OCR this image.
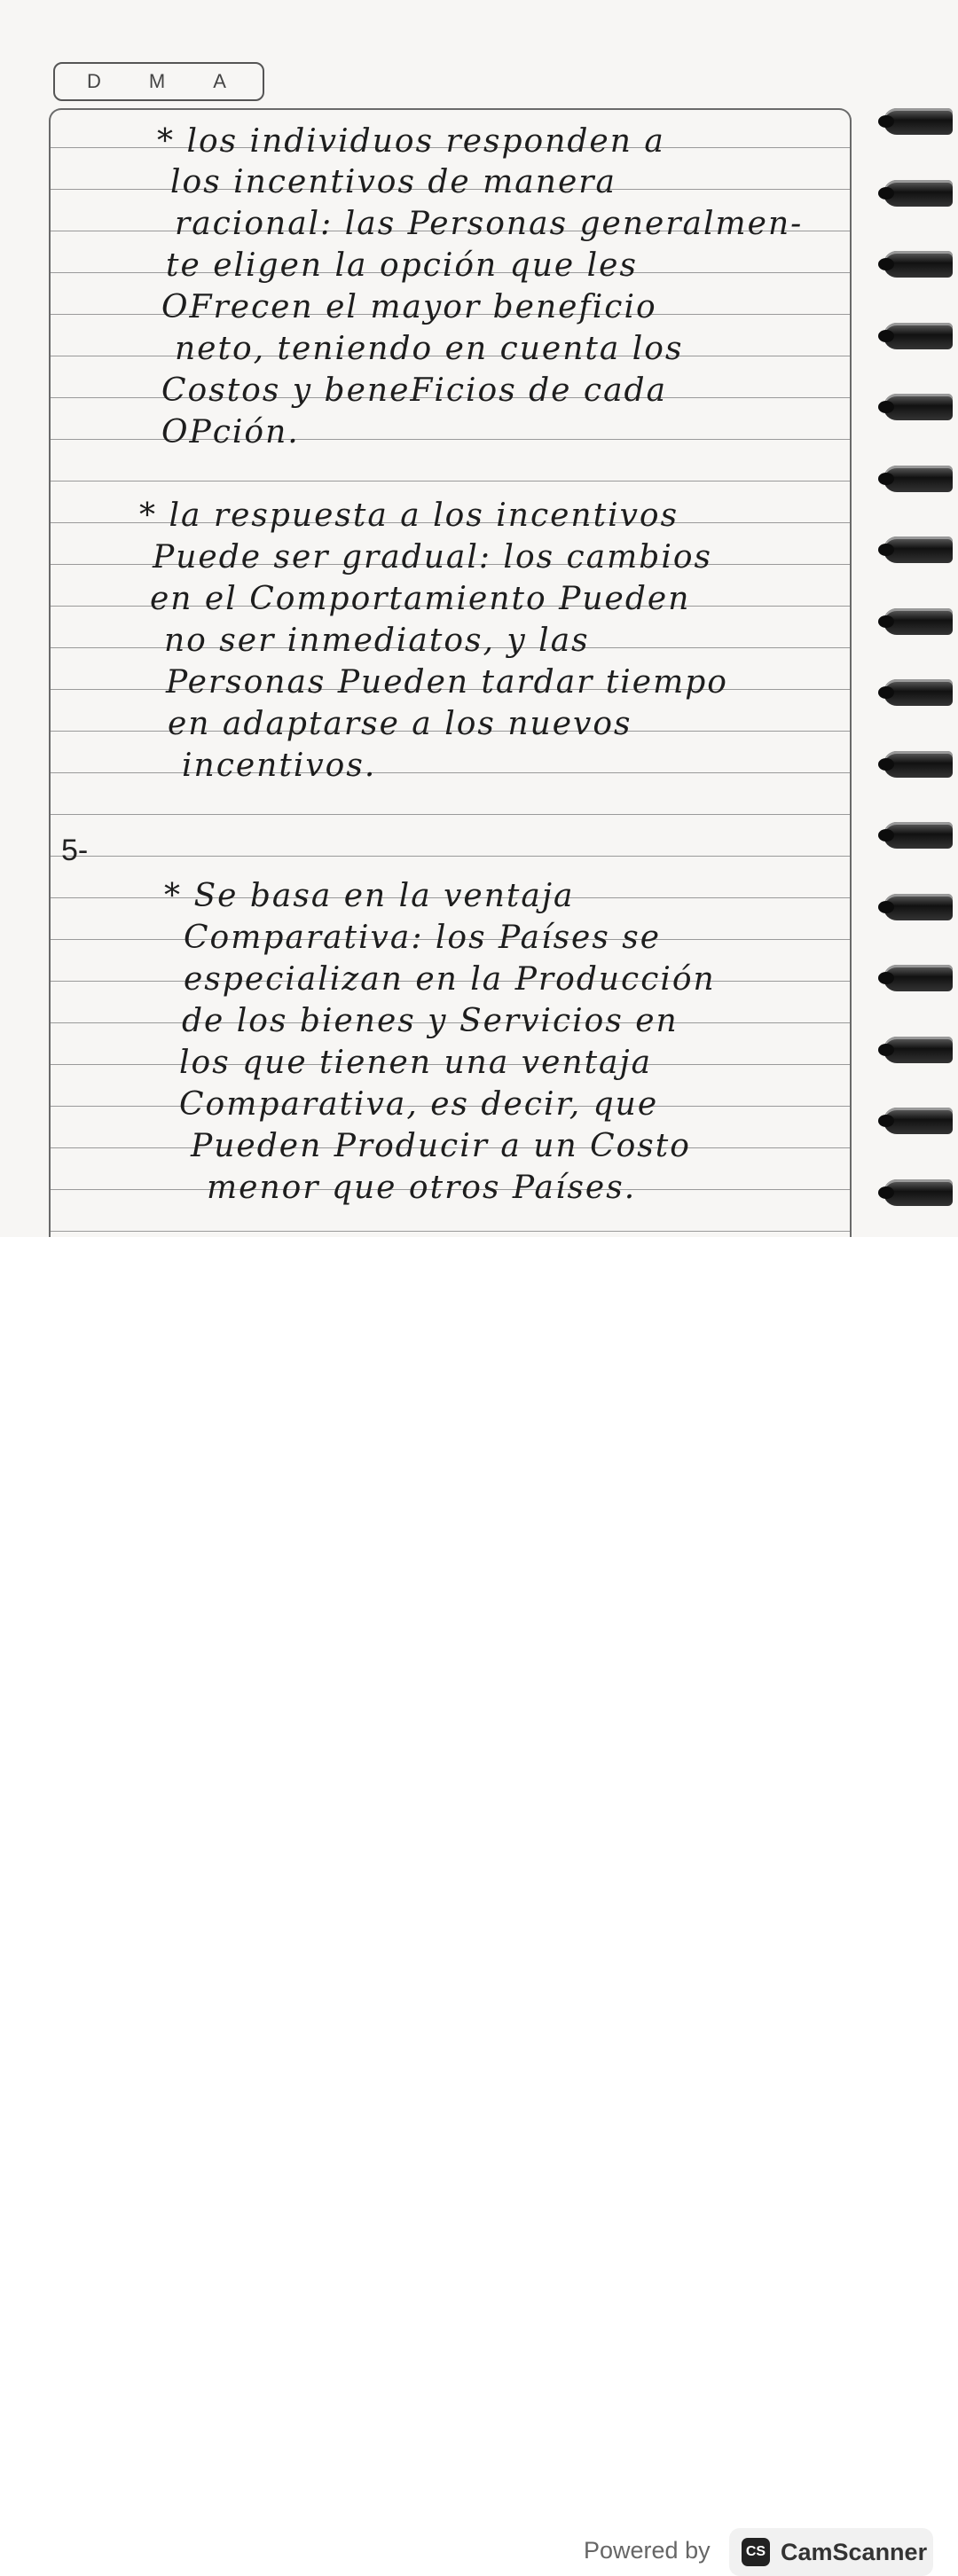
D M A
* los individuos responden a
los incentivos de manera
racional: las Personas generalmen-
te eligen la opción que les
OFrecen el mayor beneficio
neto, teniendo en cuenta los
Costos y beneFicios de cada
OPción.
* la respuesta a los incentivos
Puede ser gradual: los cambios
en el Comportamiento Pueden
no ser inmediatos, y las
Personas Pueden tardar tiempo
en adaptarse a los nuevos
incentivos.
5-
* Se basa en la ventaja
Comparativa: los Países se
especializan en la Producción
de los bienes y Servicios en
los que tienen una ventaja
Comparativa, es decir, que
Pueden Producir a un Costo
menor que otros Países.
Powered by	CS CamScanner
